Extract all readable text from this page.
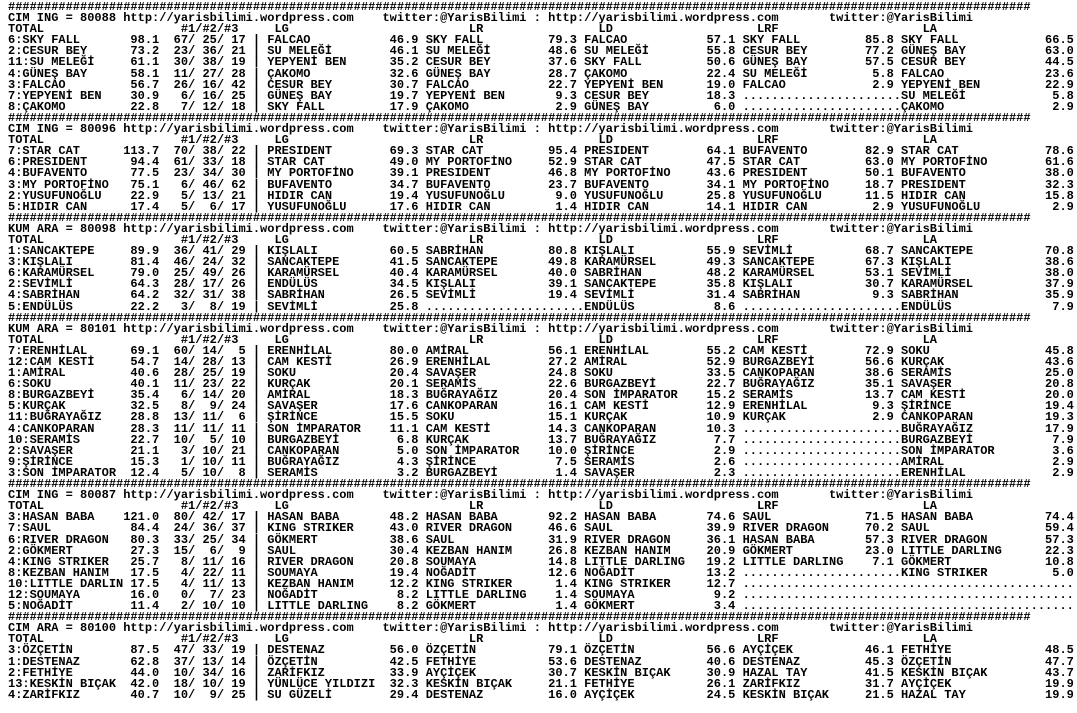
##############################################################################################################################################
CIM ING = 80088 http://yarisbilimi.wordpress.com twitter:@YarisBilimi : http://yarisbilimi.wordpress.com	twitter:@YarisBilimi
TOTAL	#1/#2/#3	LG	LR	LD	LRF	LA
6:SKY FALL       98.1 67/ 25/ 17 | FALCAO           46.9 SKY FALL         79.3 FALCAO           57.1 SKY FALL         85.8 SKY FALL            66.5
2:CESUR BEY      73.2 23/ 36/ 21 | SU MELEĞİ        46.1 SU MELEĞİ        48.6 SU MELEĞİ        55.8 CESUR BEY        77.2 GÜNEŞ BAY           63.0
11:SU MELEĞİ     61.1 30/ 38/ 19 | YEPYENİ BEN      35.2 CESUR BEY        37.6 SKY FALL         50.6 GÜNEŞ BAY        57.5 CESUR BEY           44.5
4:GÜNEŞ BAY      58.1 11/ 27/ 28 | ÇAKOMO           32.6 GÜNEŞ BAY        28.7 ÇAKOMO           22.4 SU MELEĞİ         5.8 FALCAO              23.6
3:FALCAO         56.7 26/ 16/ 42 | CESUR BEY        30.7 FALCAO           22.7 YEPYENİ BEN      19.0 FALCAO            2.9 YEPYENİ BEN         22.9
7:YEPYENİ BEN    30.9   6/ 16/ 25 | GÜNEŞ BAY        19.7 YEPYENİ BEN       9.3 CESUR BEY        18.3 ......................SU MELEĞİ            5.8
8:ÇAKOMO         22.8   7/ 12/ 18 | SKY FALL         17.9 ÇAKOMO            2.9 GÜNEŞ BAY         6.0 ......................ÇAKOMO               2.9
##############################################################################################################################################
CIM ING = 80096 http://yarisbilimi.wordpress.com twitter:@YarisBilimi : http://yarisbilimi.wordpress.com	twitter:@YarisBilimi
TOTAL	#1/#2/#3	LG	LR	LD	LRF	LA
7:STAR CAT      113.7 70/ 38/ 22 | PRESIDENT        69.3 STAR CAT         95.4 PRESIDENT        64.1 BUFAVENTO        82.9 STAR CAT            78.6
6:PRESIDENT      94.4 61/ 33/ 18 | STAR CAT         49.0 MY PORTOFİNO     52.9 STAR CAT         47.5 STAR CAT         63.0 MY PORTOFİNO        61.6
4:BUFAVENTO      77.5 23/ 34/ 30 | MY PORTOFİNO     39.1 PRESIDENT        46.8 MY PORTOFİNO     43.6 PRESIDENT        50.1 BUFAVENTO           38.0
3:MY PORTOFİNO   75.1   6/ 46/ 62 | BUFAVENTO        34.7 BUFAVENTO        23.7 BUFAVENTO        34.1 MY PORTOFİNO     18.7 PRESIDENT           32.3
2:YUSUFUNOĞLU    22.9   5/ 13/ 21 | HIDIR CAN        19.4 YUSUFUNOĞLU       9.0 YUSUFUNOĞLU      25.8 YUSUFUNOĞLU      11.5 HIDIR CAN           15.8
5:HIDIR CAN      17.4   5/  6/ 17 | YUSUFUNOĞLU      17.6 HIDIR CAN         1.4 HIDIR CAN        14.1 HIDIR CAN         2.9 YUSUFUNOĞLU          2.9
##############################################################################################################################################
KUM ARA = 80098 http://yarisbilimi.wordpress.com twitter:@YarisBilimi : http://yarisbilimi.wordpress.com	twitter:@YarisBilimi
TOTAL	#1/#2/#3	LG	LR	LD	LRF	LA
1:SANCAKTEPE     89.9 36/ 41/ 29 | KIŞLALI          60.5 SABRİHAN         80.8 KIŞLALI          55.9 SEVİMLİ          68.7 SANCAKTEPE          70.8
3:KIŞLALI        81.4 46/ 24/ 32 | SANCAKTEPE       41.5 SANCAKTEPE       49.8 KARAMÜRSEL       49.3 SANCAKTEPE       67.3 KIŞLALI             38.6
6:KARAMÜRSEL     79.0 25/ 49/ 26 | KARAMÜRSEL       40.4 KARAMÜRSEL       40.0 SABRİHAN         48.2 KARAMÜRSEL       53.1 SEVİMLİ             38.0
2:SEVİMLİ        64.3 28/ 17/ 26 | ENDÜLÜS          34.5 KIŞLALI          39.1 SANCAKTEPE       35.8 KIŞLALI          30.7 KARAMÜRSEL          37.9
4:SABRİHAN       64.2 32/ 31/ 38 | SABRİHAN         26.5 SEVİMLİ          19.4 SEVİMLİ          31.4 SABRİHAN          9.3 SABRİHAN            35.9
5:ENDÜLÜS        22.2   3/  8/ 19 | SEVİMLİ          25.8 ......................ENDÜLÜS           8.6 ......................ENDÜLÜS              7.9
##############################################################################################################################################
KUM ARA = 80101 http://yarisbilimi.wordpress.com twitter:@YarisBilimi : http://yarisbilimi.wordpress.com	twitter:@YarisBilimi
TOTAL	#1/#2/#3	LG	LR	LD	LRF	LA
7:ERENHİLAL      69.1 60/ 14/  5 | ERENHİLAL        80.0 AMİRAL           56.1 ERENHİLAL        55.2 CAM KESTİ        72.9 SOKU                45.8
12:CAM KESTİ     54.7 14/ 28/ 13 | CAM KESTİ        26.9 ERENHİLAL        27.2 AMİRAL           52.9 BURGAZBEYİ       56.6 KURÇAK              43.6
1:AMİRAL         40.6 28/ 25/ 19 | SOKU             20.4 SAVAŞER          24.8 SOKU             33.5 CANKOPARAN       38.6 SERAMİS             25.0
6:SOKU           40.1 11/ 23/ 22 | KURÇAK           20.1 SERAMİS          22.6 BURGAZBEYİ       22.7 BUĞRAYAĞIZ       35.1 SAVAŞER             20.8
8:BURGAZBEYİ     35.4   6/ 14/ 20 | AMİRAL           18.3 BUĞRAYAĞIZ       20.4 SON İMPARATOR    15.2 SERAMİS          13.7 CAM KESTİ           20.0
5:KURÇAK         32.5   8/  9/ 24 | SAVAŞER          17.6 CANKOPARAN       16.1 CAM KESTİ        12.9 ERENHİLAL         9.3 ŞİRİNCE             19.4
11:BUĞRAYAĞIZ    28.8 13/ 11/  6 | ŞİRİNCE          15.5 SOKU             15.1 KURÇAK           10.9 KURÇAK            2.9 CANKOPARAN          19.3
4:CANKOPARAN     28.3 11/ 11/ 11 | SON İMPARATOR    11.1 CAM KESTİ        14.3 CANKOPARAN       10.3 ......................BUĞRAYAĞIZ          17.9
10:SERAMİS       22.7 10/  5/ 10 | BURGAZBEYİ        6.8 KURÇAK           13.7 BUĞRAYAĞIZ        7.7 ......................BURGAZBEYİ           7.9
2:SAVAŞER        21.1   3/ 10/ 21 | CANKOPARAN        5.0 SON İMPARATOR    10.0 ŞİRİNCE           2.9 ......................SON İMPARATOR        3.6
9:ŞİRİNCE        15.3   1/ 10/ 11 | BUĞRAYAĞIZ        4.3 ŞİRİNCE           7.5 SERAMİS           2.6 ......................AMİRAL               2.9
3:SON İMPARATOR  12.4   5/ 10/  8 | SERAMİS           3.2 BURGAZBEYİ        1.4 SAVAŞER           2.3 ......................ERENHİLAL            2.9
##############################################################################################################################################
CIM ING = 80087 http://yarisbilimi.wordpress.com twitter:@YarisBilimi : http://yarisbilimi.wordpress.com	twitter:@YarisBilimi
TOTAL	#1/#2/#3	LG	LR	LD	LRF	LA
3:HASAN BABA    121.0 80/ 42/ 17 | HASAN BABA       48.2 HASAN BABA       92.2 HASAN BABA       74.6 SAUL             71.5 HASAN BABA          74.4
7:SAUL           84.4 24/ 36/ 37 | KING STRIKER     43.0 RIVER DRAGON     46.6 SAUL             39.9 RIVER DRAGON     70.2 SAUL                59.4
6:RIVER DRAGON   80.3 33/ 25/ 34 | GÖKMERT          38.6 SAUL             31.9 RIVER DRAGON     36.1 HASAN BABA       57.3 RIVER DRAGON        57.3
2:GÖKMERT        27.3 15/  6/  9 | SAUL             30.4 KEZBAN HANIM     26.8 KEZBAN HANIM     20.9 GÖKMERT          23.0 LITTLE DARLING      22.3
4:KING STRIKER   25.7   8/ 11/ 16 | RIVER DRAGON     20.8 SOUMAYA          14.8 LITTLE DARLING   19.2 LITTLE DARLING    7.1 GÖKMERT             10.8
8:KEZBAN HANIM   17.5   4/ 22/ 11 | SOUMAYA          19.4 NOĞADİT          12.6 NOĞADİT          13.2 ......................KING STRIKER         5.0
10:LITTLE DARLIN 17.5   4/ 11/ 13 | KEZBAN HANIM     12.2 KING STRIKER      1.4 KING STRIKER     12.7 ..............................................
12:SOUMAYA       16.0   0/  7/ 23 | NOĞADİT           8.2 LITTLE DARLING    1.4 SOUMAYA           9.2 ..............................................
5:NOĞADİT        11.4   2/ 10/ 10 | LITTLE DARLING    8.2 GÖKMERT           1.4 GÖKMERT           3.4 ..............................................
##############################################################################################################################################
CIM ARA = 80100 http://yarisbilimi.wordpress.com twitter:@YarisBilimi : http://yarisbilimi.wordpress.com	twitter:@YarisBilimi
TOTAL	#1/#2/#3	LG	LR	LD	LRF	LA
3:ÖZÇETİN        87.5 47/ 33/ 19 | DESTENAZ         56.0 ÖZÇETİN          79.1 ÖZÇETİN          56.6 AYÇİÇEK          46.1 FETHİYE             48.5
1:DESTENAZ       62.8 37/ 13/ 14 | ÖZÇETİN          42.5 FETHİYE          53.6 DESTENAZ         40.6 DESTENAZ         45.3 ÖZÇETİN             47.7
2:FETHİYE        44.0 10/ 34/ 16 | ZARİFKIZ         33.9 AYÇİÇEK          30.7 KESKİN BIÇAK     30.9 HAZAL TAY        41.5 KESKİN BIÇAK        43.7
13:KESKİN BIÇAK  42.0 18/ 10/ 19 | YÜNLÜCE YILDIZI  32.3 KESKİN BIÇAK     21.1 FETHİYE          26.1 ZARİFKIZ         31.7 AYÇİÇEK             19.9
4:ZARİFKIZ       40.7 10/  9/ 25 | SU GÜZELİ        29.4 DESTENAZ         16.0 AYÇİÇEK          24.5 KESKİN BIÇAK     21.5 HAZAL TAY           19.9
